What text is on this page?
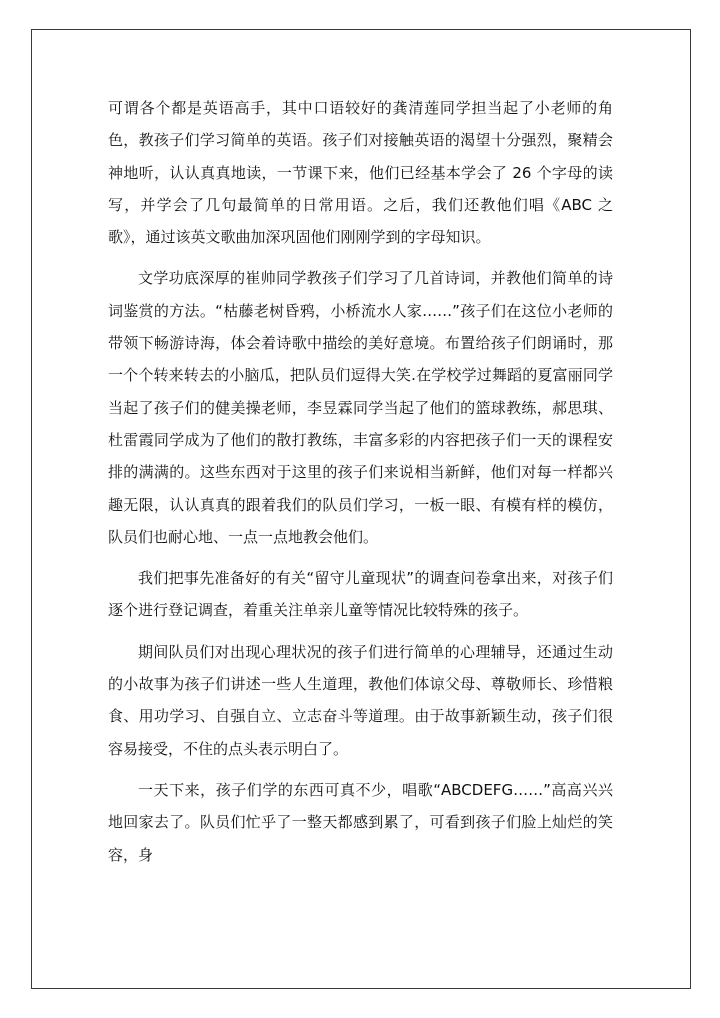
可谓各个都是英语高手，其中口语较好的龚清莲同学担当起了小老师的角色，教孩子们学习简单的英语。孩子们对接触英语的渴望十分强烈，聚精会神地听，认认真真地读，一节课下来，他们已经基本学会了 26 个字母的读写，并学会了几句最简单的日常用语。之后，我们还教他们唱《ABC 之歌》，通过该英文歌曲加深巩固他们刚刚学到的字母知识。

文学功底深厚的崔帅同学教孩子们学习了几首诗词，并教他们简单的诗词鉴赏的方法。“枯藤老树昏鸦，小桥流水人家……”孩子们在这位小老师的带领下畅游诗海，体会着诗歌中描绘的美好意境。布置给孩子们朗诵时，那一个个转来转去的小脑瓜，把队员们逗得大笑.在学校学过舞蹈的夏富丽同学当起了孩子们的健美操老师，李昱霖同学当起了他们的篮球教练，郝思琪、杜雷霞同学成为了他们的散打教练，丰富多彩的内容把孩子们一天的课程安排的满满的。这些东西对于这里的孩子们来说相当新鲜，他们对每一样都兴趣无限，认认真真的跟着我们的队员们学习，一板一眼、有模有样的模仿，队员们也耐心地、一点一点地教会他们。

我们把事先准备好的有关“留守儿童现状”的调查问卷拿出来，对孩子们逐个进行登记调查，着重关注单亲儿童等情况比较特殊的孩子。

期间队员们对出现心理状况的孩子们进行简单的心理辅导，还通过生动的小故事为孩子们讲述一些人生道理，教他们体谅父母、尊敬师长、珍惜粮食、用功学习、自强自立、立志奋斗等道理。由于故事新颖生动，孩子们很容易接受，不住的点头表示明白了。

一天下来，孩子们学的东西可真不少，唱歌“ABCDEFG……”高高兴兴地回家去了。队员们忙乎了一整天都感到累了，可看到孩子们脸上灿烂的笑容，身
